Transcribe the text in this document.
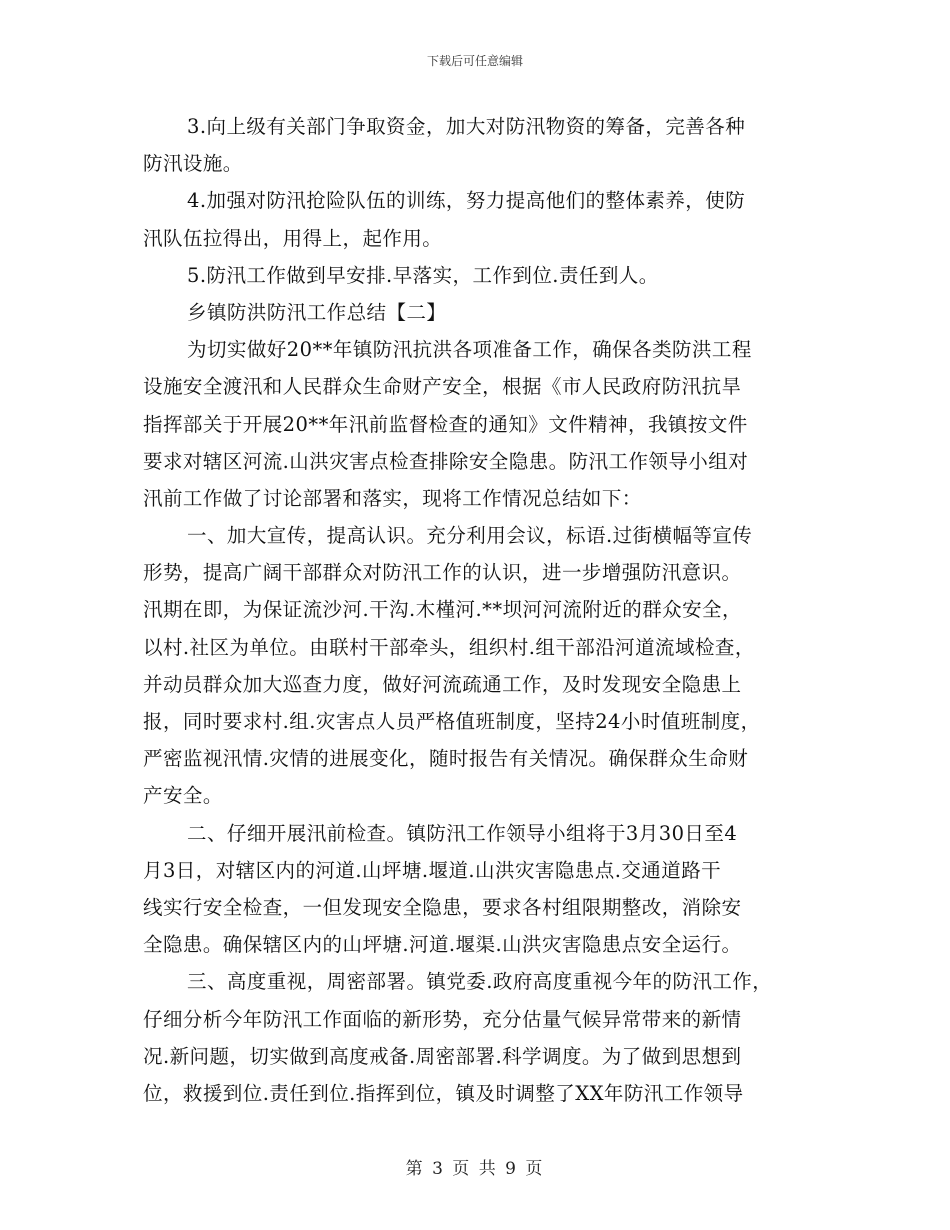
下载后可任意编辑
3.向上级有关部门争取资金，加大对防汛物资的筹备，完善各种
防汛设施。
4.加强对防汛抢险队伍的训练，努力提高他们的整体素养，使防
汛队伍拉得出，用得上，起作用。
5.防汛工作做到早安排.早落实，工作到位.责任到人。
乡镇防洪防汛工作总结【二】
为切实做好20**年镇防汛抗洪各项准备工作，确保各类防洪工程
设施安全渡汛和人民群众生命财产安全，根据《市人民政府防汛抗旱
指挥部关于开展20**年汛前监督检查的通知》文件精神，我镇按文件
要求对辖区河流.山洪灾害点检查排除安全隐患。防汛工作领导小组对
汛前工作做了讨论部署和落实，现将工作情况总结如下：
一、加大宣传，提高认识。充分利用会议，标语.过街横幅等宣传
形势，提高广阔干部群众对防汛工作的认识，进一步增强防汛意识。
汛期在即，为保证流沙河.干沟.木槿河.**坝河河流附近的群众安全，
以村.社区为单位。由联村干部牵头，组织村.组干部沿河道流域检查，
并动员群众加大巡查力度，做好河流疏通工作，及时发现安全隐患上
报，同时要求村.组.灾害点人员严格值班制度，坚持24小时值班制度，
严密监视汛情.灾情的进展变化，随时报告有关情况。确保群众生命财
产安全。
二、仔细开展汛前检查。镇防汛工作领导小组将于3月30日至4
月3日，对辖区内的河道.山坪塘.堰道.山洪灾害隐患点.交通道路干
线实行安全检查，一但发现安全隐患，要求各村组限期整改，消除安
全隐患。确保辖区内的山坪塘.河道.堰渠.山洪灾害隐患点安全运行。
三、高度重视，周密部署。镇党委.政府高度重视今年的防汛工作，
仔细分析今年防汛工作面临的新形势，充分估量气候异常带来的新情
况.新问题，切实做到高度戒备.周密部署.科学调度。为了做到思想到
位，救援到位.责任到位.指挥到位，镇及时调整了XX年防汛工作领导
第 3 页 共 9 页
